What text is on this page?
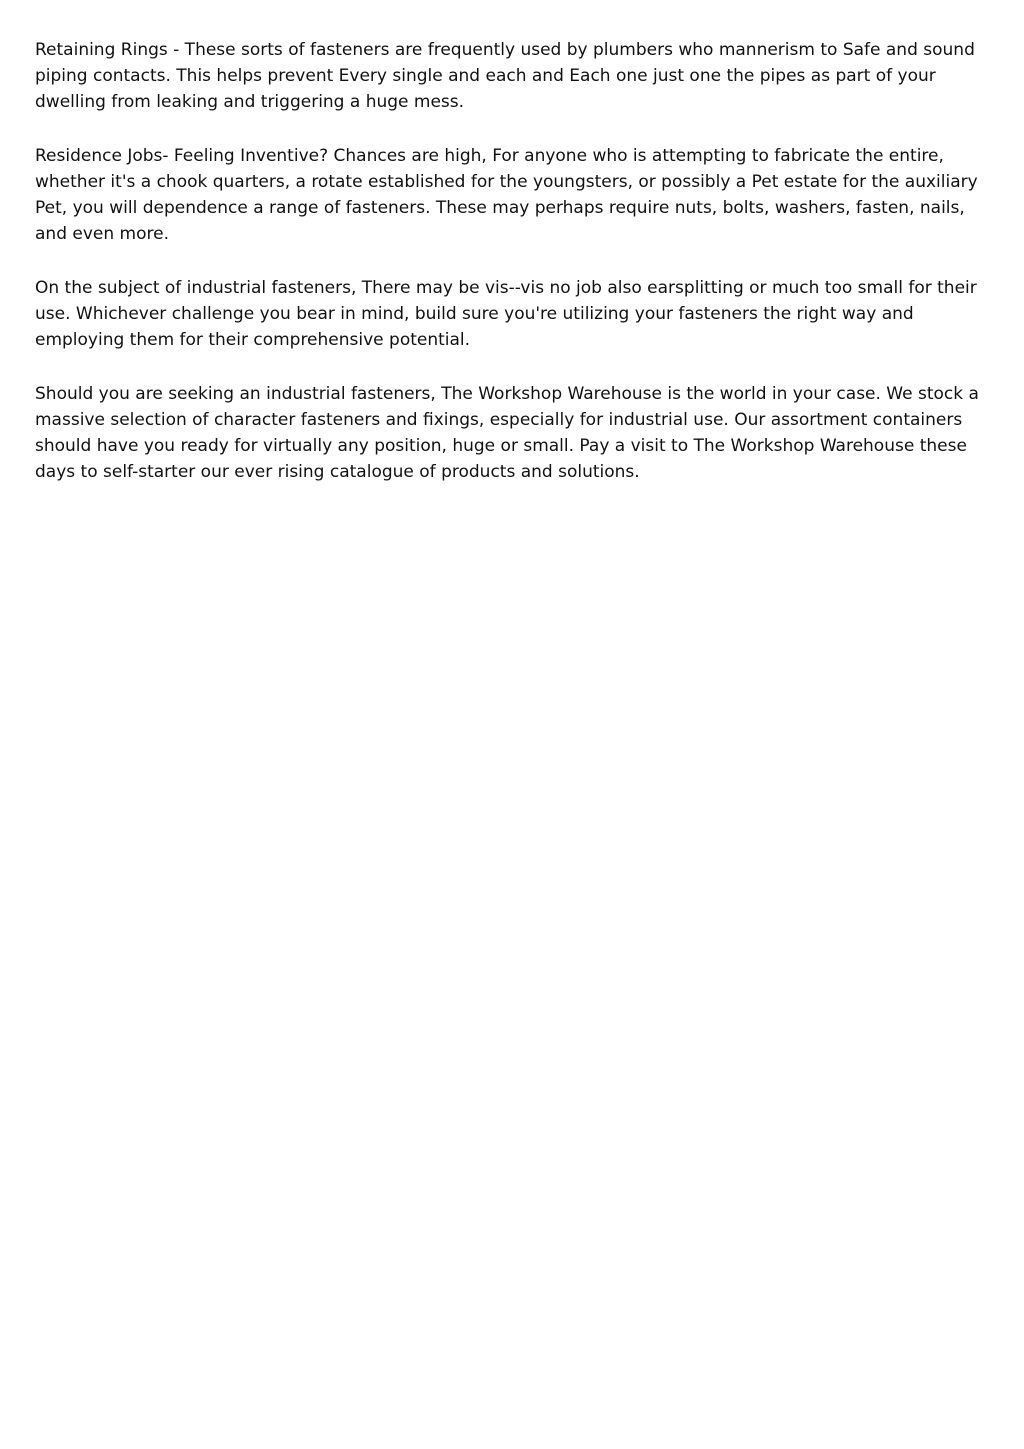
Retaining Rings - These sorts of fasteners are frequently used by plumbers who mannerism to Safe and sound piping contacts. This helps prevent Every single and each and Each one just one the pipes as part of your dwelling from leaking and triggering a huge mess.

Residence Jobs- Feeling Inventive? Chances are high, For anyone who is attempting to fabricate the entire, whether it's a chook quarters, a rotate established for the youngsters, or possibly a Pet estate for the auxiliary Pet, you will dependence a range of fasteners. These may perhaps require nuts, bolts, washers, fasten, nails, and even more.

On the subject of industrial fasteners, There may be vis--vis no job also earsplitting or much too small for their use. Whichever challenge you bear in mind, build sure you're utilizing your fasteners the right way and employing them for their comprehensive potential.

Should you are seeking an industrial fasteners, The Workshop Warehouse is the world in your case. We stock a massive selection of character fasteners and fixings, especially for industrial use. Our assortment containers should have you ready for virtually any position, huge or small. Pay a visit to The Workshop Warehouse these days to self-starter our ever rising catalogue of products and solutions.
